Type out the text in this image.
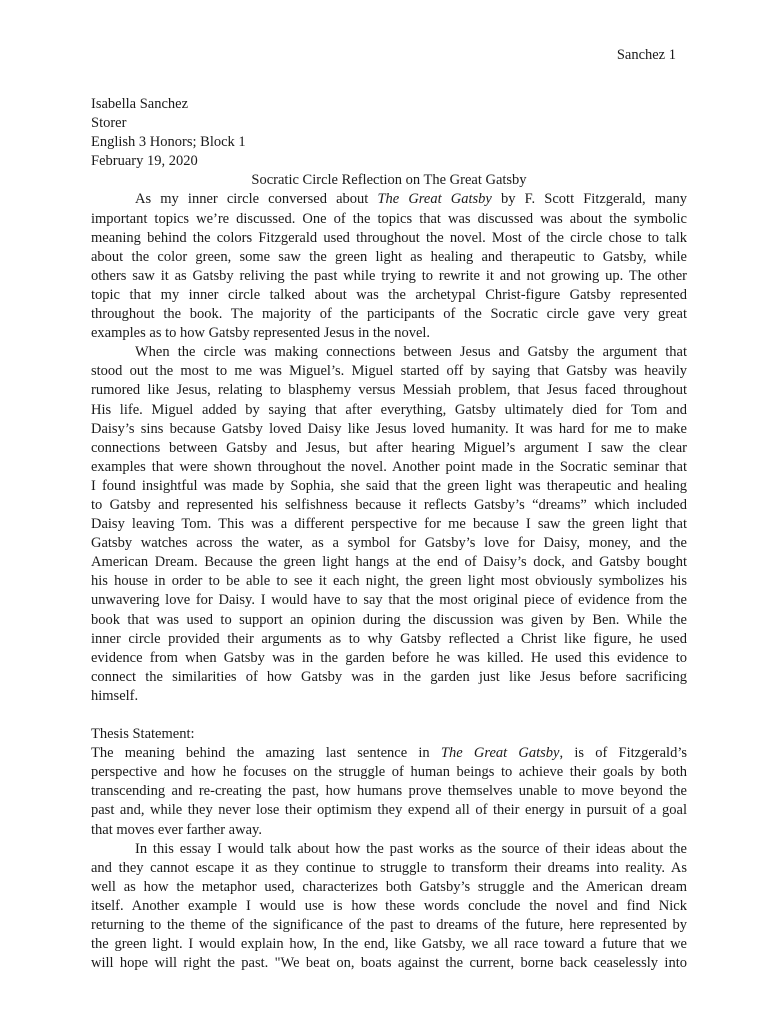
Sanchez 1
Isabella Sanchez
Storer
English 3 Honors; Block 1
February 19, 2020
Socratic Circle Reflection on The Great Gatsby
As my inner circle conversed about The Great Gatsby by F. Scott Fitzgerald, many
important topics we’re discussed. One of the topics that was discussed was about the symbolic
meaning behind the colors Fitzgerald used throughout the novel. Most of the circle chose to talk
about the color green, some saw the green light as healing and therapeutic to Gatsby, while
others saw it as Gatsby reliving the past while trying to rewrite it and not growing up. The other
topic that my inner circle talked about was the archetypal Christ-figure Gatsby represented
throughout the book. The majority of the participants of the Socratic circle gave very great
examples as to how Gatsby represented Jesus in the novel.
When the circle was making connections between Jesus and Gatsby the argument that
stood out the most to me was Miguel’s. Miguel started off by saying that Gatsby was heavily
rumored like Jesus, relating to blasphemy versus Messiah problem, that Jesus faced throughout
His life. Miguel added by saying that after everything, Gatsby ultimately died for Tom and
Daisy’s sins because Gatsby loved Daisy like Jesus loved humanity. It was hard for me to make
connections between Gatsby and Jesus, but after hearing Miguel’s argument I saw the clear
examples that were shown throughout the novel. Another point made in the Socratic seminar that
I found insightful was made by Sophia, she said that the green light was therapeutic and healing
to Gatsby and represented his selfishness because it reflects Gatsby’s “dreams” which included
Daisy leaving Tom. This was a different perspective for me because I saw the green light that
Gatsby watches across the water, as a symbol for Gatsby’s love for Daisy, money, and the
American Dream. Because the green light hangs at the end of Daisy’s dock, and Gatsby bought
his house in order to be able to see it each night, the green light most obviously symbolizes his
unwavering love for Daisy. I would have to say that the most original piece of evidence from the
book that was used to support an opinion during the discussion was given by Ben. While the
inner circle provided their arguments as to why Gatsby reflected a Christ like figure, he used
evidence from when Gatsby was in the garden before he was killed. He used this evidence to
connect the similarities of how Gatsby was in the garden just like Jesus before sacrificing
himself.
Thesis Statement:
The meaning behind the amazing last sentence in The Great Gatsby, is of Fitzgerald’s
perspective and how he focuses on the struggle of human beings to achieve their goals by both
transcending and re-creating the past, how humans prove themselves unable to move beyond the
past and, while they never lose their optimism they expend all of their energy in pursuit of a goal
that moves ever farther away.
In this essay I would talk about how the past works as the source of their ideas about the
and they cannot escape it as they continue to struggle to transform their dreams into reality. As
well as how the metaphor used, characterizes both Gatsby’s struggle and the American dream
itself. Another example I would use is how these words conclude the novel and find Nick
returning to the theme of the significance of the past to dreams of the future, here represented by
the green light. I would explain how, In the end, like Gatsby, we all race toward a future that we
will hope will right the past. "We beat on, boats against the current, borne back ceaselessly into
